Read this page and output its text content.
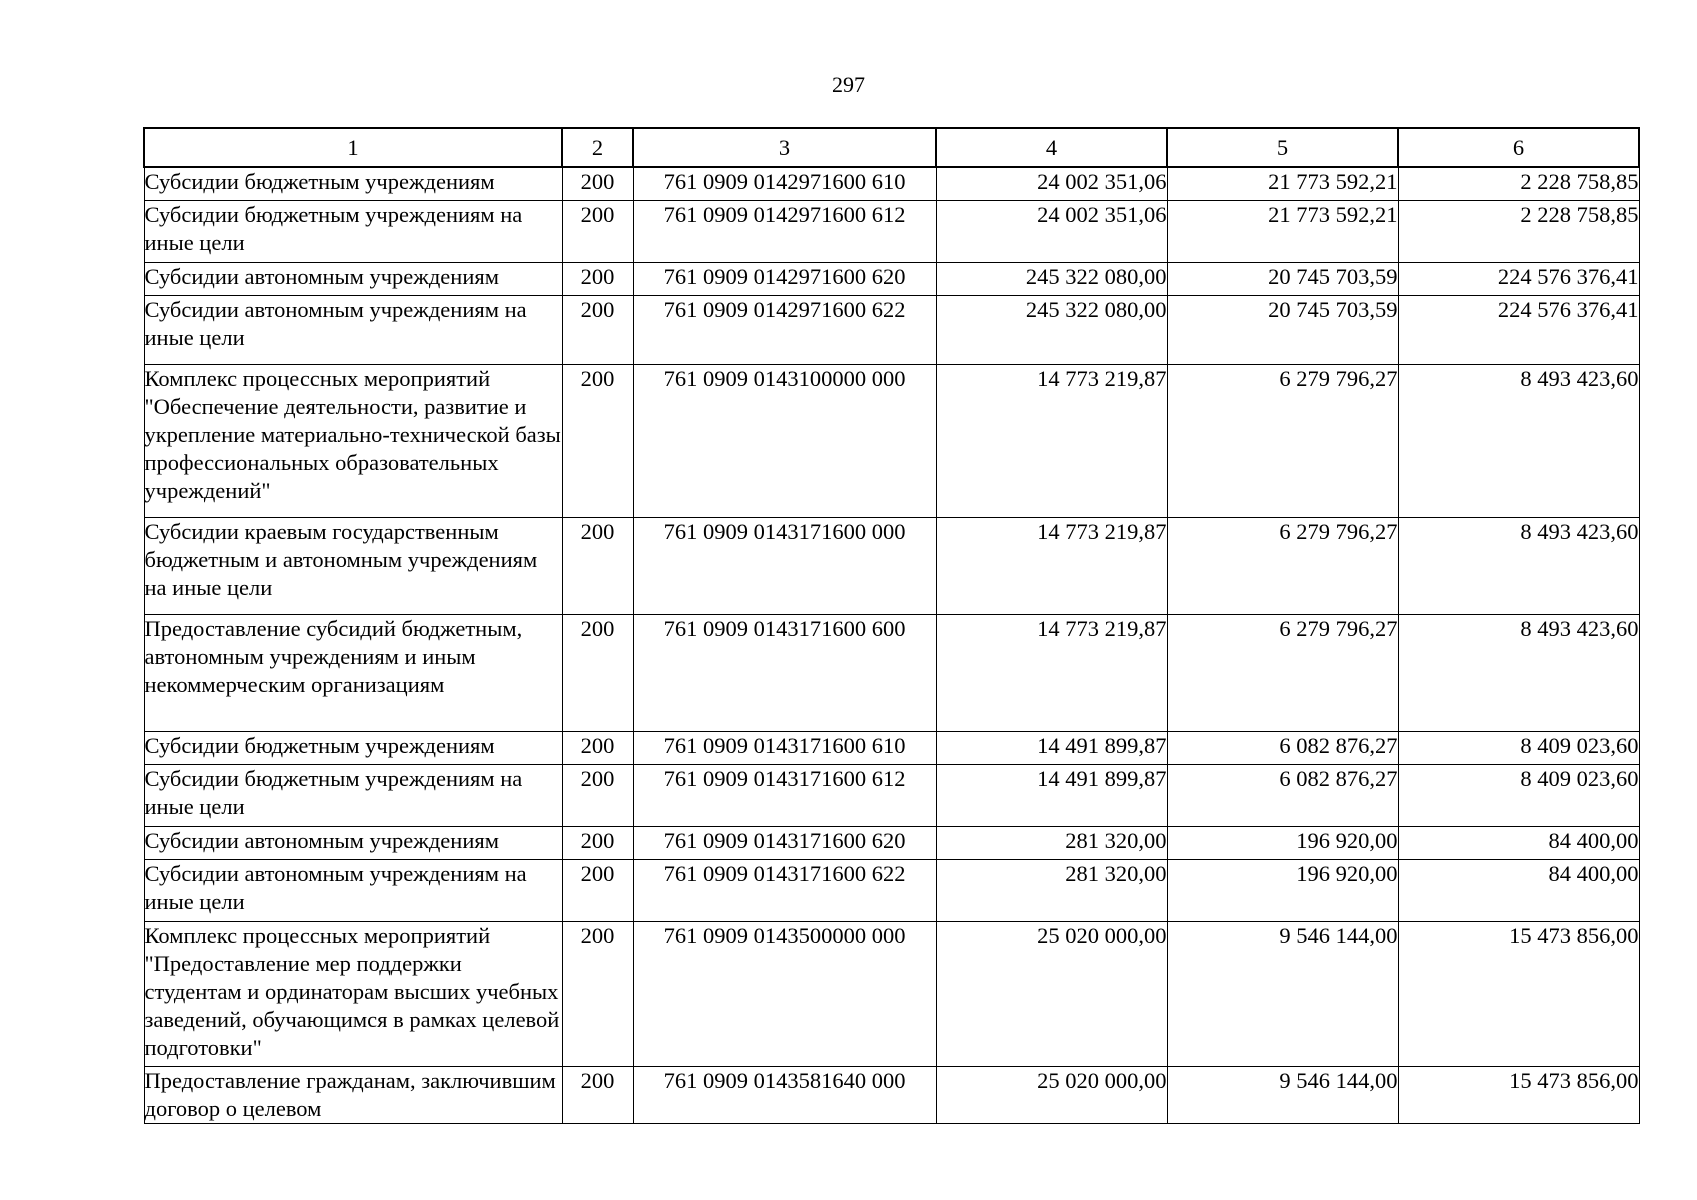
297
1	2	3	4	5	6
Субсидии бюджетным учреждениям	200	761 0909 0142971600 610	24 002 351,06	21 773 592,21	2 228 758,85
Субсидии бюджетным учреждениям на иные цели	200	761 0909 0142971600 612	24 002 351,06	21 773 592,21	2 228 758,85
Субсидии автономным учреждениям	200	761 0909 0142971600 620	245 322 080,00	20 745 703,59	224 576 376,41
Субсидии автономным учреждениям на иные цели	200	761 0909 0142971600 622	245 322 080,00	20 745 703,59	224 576 376,41
Комплекс процессных мероприятий "Обеспечение деятельности, развитие и укрепление материально-технической базы профессиональных образовательных учреждений"	200	761 0909 0143100000 000	14 773 219,87	6 279 796,27	8 493 423,60
Субсидии краевым государственным бюджетным и автономным учреждениям на иные цели	200	761 0909 0143171600 000	14 773 219,87	6 279 796,27	8 493 423,60
Предоставление субсидий бюджетным, автономным учреждениям и иным некоммерческим организациям	200	761 0909 0143171600 600	14 773 219,87	6 279 796,27	8 493 423,60
Субсидии бюджетным учреждениям	200	761 0909 0143171600 610	14 491 899,87	6 082 876,27	8 409 023,60
Субсидии бюджетным учреждениям на иные цели	200	761 0909 0143171600 612	14 491 899,87	6 082 876,27	8 409 023,60
Субсидии автономным учреждениям	200	761 0909 0143171600 620	281 320,00	196 920,00	84 400,00
Субсидии автономным учреждениям на иные цели	200	761 0909 0143171600 622	281 320,00	196 920,00	84 400,00
Комплекс процессных мероприятий "Предоставление мер поддержки студентам и ординаторам высших учебных заведений, обучающимся в рамках целевой подготовки"	200	761 0909 0143500000 000	25 020 000,00	9 546 144,00	15 473 856,00
Предоставление гражданам, заключившим договор о целевом	200	761 0909 0143581640 000	25 020 000,00	9 546 144,00	15 473 856,00
